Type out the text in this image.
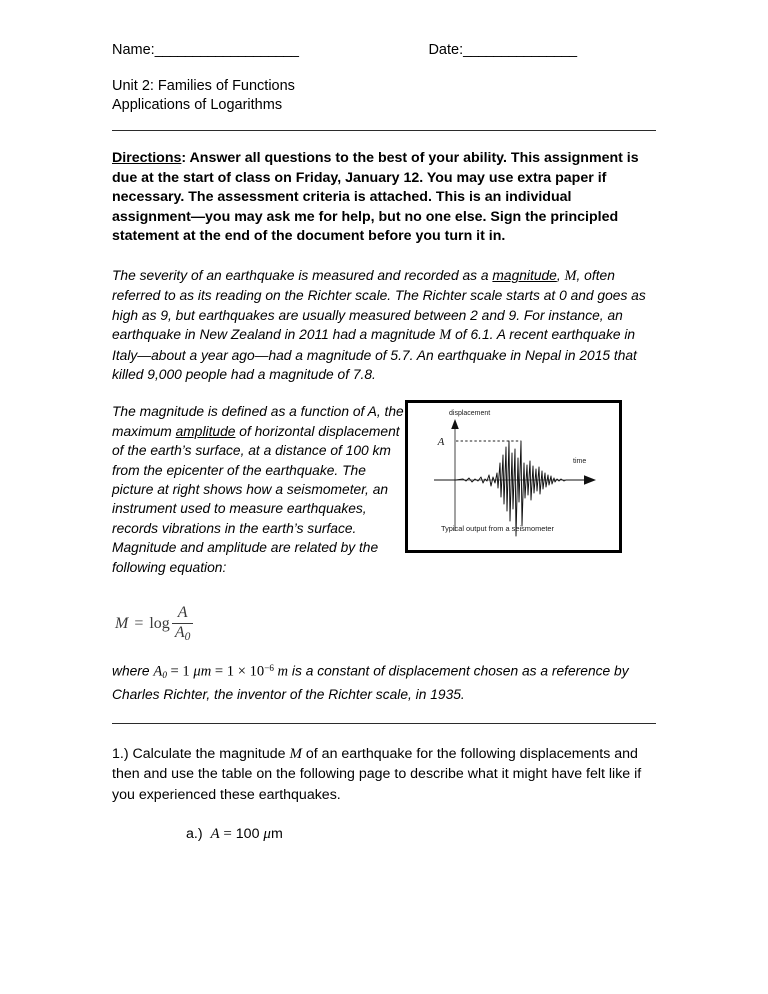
Name:___________________	Date:_______________
Unit 2: Families of Functions
Applications of Logarithms
Directions: Answer all questions to the best of your ability. This assignment is due at the start of class on Friday, January 12. You may use extra paper if necessary. The assessment criteria is attached. This is an individual assignment—you may ask me for help, but no one else. Sign the principled statement at the end of the document before you turn it in.
The severity of an earthquake is measured and recorded as a magnitude, M, often referred to as its reading on the Richter scale. The Richter scale starts at 0 and goes as high as 9, but earthquakes are usually measured between 2 and 9. For instance, an earthquake in New Zealand in 2011 had a magnitude M of 6.1. A recent earthquake in Italy—about a year ago—had a magnitude of 5.7. An earthquake in Nepal in 2015 that killed 9,000 people had a magnitude of 7.8.
The magnitude is defined as a function of A, the maximum amplitude of horizontal displacement of the earth’s surface, at a distance of 100 km from the epicenter of the earthquake. The picture at right shows how a seismometer, an instrument used to measure earthquakes, records vibrations in the earth’s surface. Magnitude and amplitude are related by the following equation:
displacement
time
A
Typical output from a seismometer
$M = \log \frac{A}{A_0}$
where A0 = 1 $\mu m = 1 \times 10^{-6}$ m is a constant of displacement chosen as a reference by Charles Richter, the inventor of the Richter scale, in 1935.
1.) Calculate the magnitude M of an earthquake for the following displacements and then and use the table on the following page to describe what it might have felt like if you experienced these earthquakes.
a.) A = 100 μm
